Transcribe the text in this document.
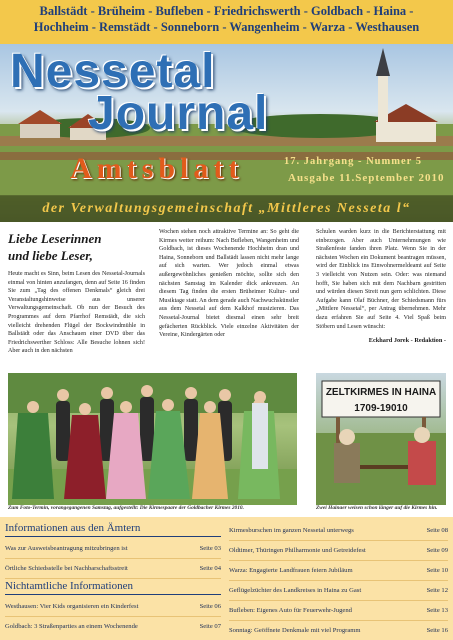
Ballstädt - Brüheim - Bufleben - Friedrichswerth - Goldbach - Haina -
Hochheim - Remstädt - Sonneborn - Wangenheim - Warza - Westhausen
Nessetal
Journal
Amtsblatt	17. Jahrgang - Nummer 5
Ausgabe 11.September 2010
der Verwaltungsgemeinschaft „Mittleres Nesseta l“
Liebe Leserinnen
und liebe Leser,
Heute macht es Sinn, beim Lesen des Nessetal-Journals einmal von hinten anzufangen, denn auf Seite 16 finden Sie zum „Tag des offenen Denkmals“ gleich drei Veranstaltungshinweise aus unserer Verwaltungsgemeinschaft. Ob nun der Besuch des Programmes auf dem Pfarrhof Remstädt, die sich vielleicht drehenden Flügel der Bockwindmühle in Ballstädt oder das Anschauen einer DVD über das Friedrichswerther Schloss: Alle Besuche lohnen sich! Aber auch in den nächsten
Wochen stehen noch attraktive Termine an: So geht die Kirmes weiter reihum: Nach Bufleben, Wangenheim und Goldbach, ist dieses Wochenende Hochheim dran und Haina, Sonneborn und Ballstädt lassen nicht mehr lange auf sich warten. Wer jedoch einmal etwas außergewöhnliches genießen möchte, sollte sich den nächsten Samstag im Kalender dick ankreuzen. An diesem Tag finden die ersten Brüheimer Kultur- und Musiktage statt. An dem gerade auch Nachwuchskünstler aus dem Nessetal auf dem Kalkhof musizieren. Das Nessetal-Journal bietet diesmal einen sehr breit gefächerten Rückblick. Viele einzelne Aktivitäten der Vereine, Kindergärten oder
Schulen warden kurz in die Berichterstattung mit einbezogen. Aber auch Unternehmungen wie Straßenfeste fanden ihren Platz. Wenn Sie in der nächsten Wochen ein Dokument beantragen müssen, wird der Einblick ins Einwohnermeldeamt auf Seite 3 vielleicht von Nutzen sein. Oder: was niemand hofft, Sie haben sich mit dem Nachbarn gestritten und würden diesen Streit nun gern schlichten. Diese Aufgabe kann Olaf Büchner, der Schiedsmann fürs „Mittlere Nessetal“, per Antrag übernehmen. Mehr dazu erfahren Sie auf Seite 4. Viel Spaß beim Stöbern und Lesen wünscht:
Eckhard Jorek - Redaktion -
Zum Foto-Termin, vorangegangenen Samstag, aufgestellt: Die Kirmespaare der Goldbacher Kirmes 2010.
ZELTKIRMES IN HAINA
1709-19010
Zwei Hainaer weisen schon länger auf die Kirmes hin.
Informationen aus den Ämtern
Was zur Ausweisbeantragung mitzubringen ist	Seite 03
Örtliche Schiedsstelle bei Nachbarschaftsstreit	Seite 04
Nichtamtliche Informationen
Westhausen: Vier Kids organisieren ein Kinderfest	Seite 06
Goldbach: 3 Straßenparties an einem Wochenende	Seite 07
Kirmesburschen im ganzen Nessetal unterwegs	Seite 08
Oldtimer, Thüringen Philharmonie und Getreidefest	Seite 09
Warza: Engagierte Landfrauen feiern Jubiläum	Seite 10
Geflügelzüchter des Landkreises in Haina zu Gast	Seite 12
Bufleben: Eigenes Auto für Feuerwehr-Jugend	Seite 13
Sonntag: Geöffnete Denkmale mit viel Programm	Seite 16
